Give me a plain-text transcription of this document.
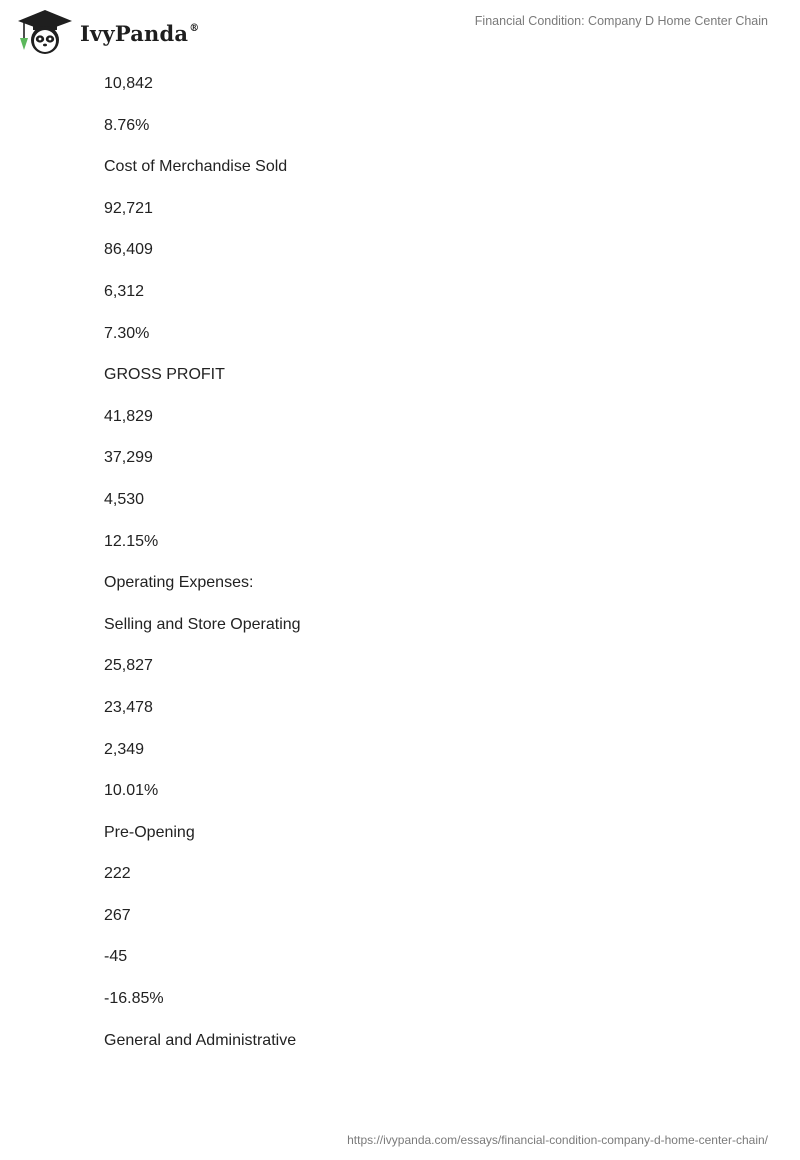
IvyPanda®	Financial Condition: Company D Home Center Chain
10,842
8.76%
Cost of Merchandise Sold
92,721
86,409
6,312
7.30%
GROSS PROFIT
41,829
37,299
4,530
12.15%
Operating Expenses:
Selling and Store Operating
25,827
23,478
2,349
10.01%
Pre-Opening
222
267
-45
-16.85%
General and Administrative
https://ivypanda.com/essays/financial-condition-company-d-home-center-chain/
